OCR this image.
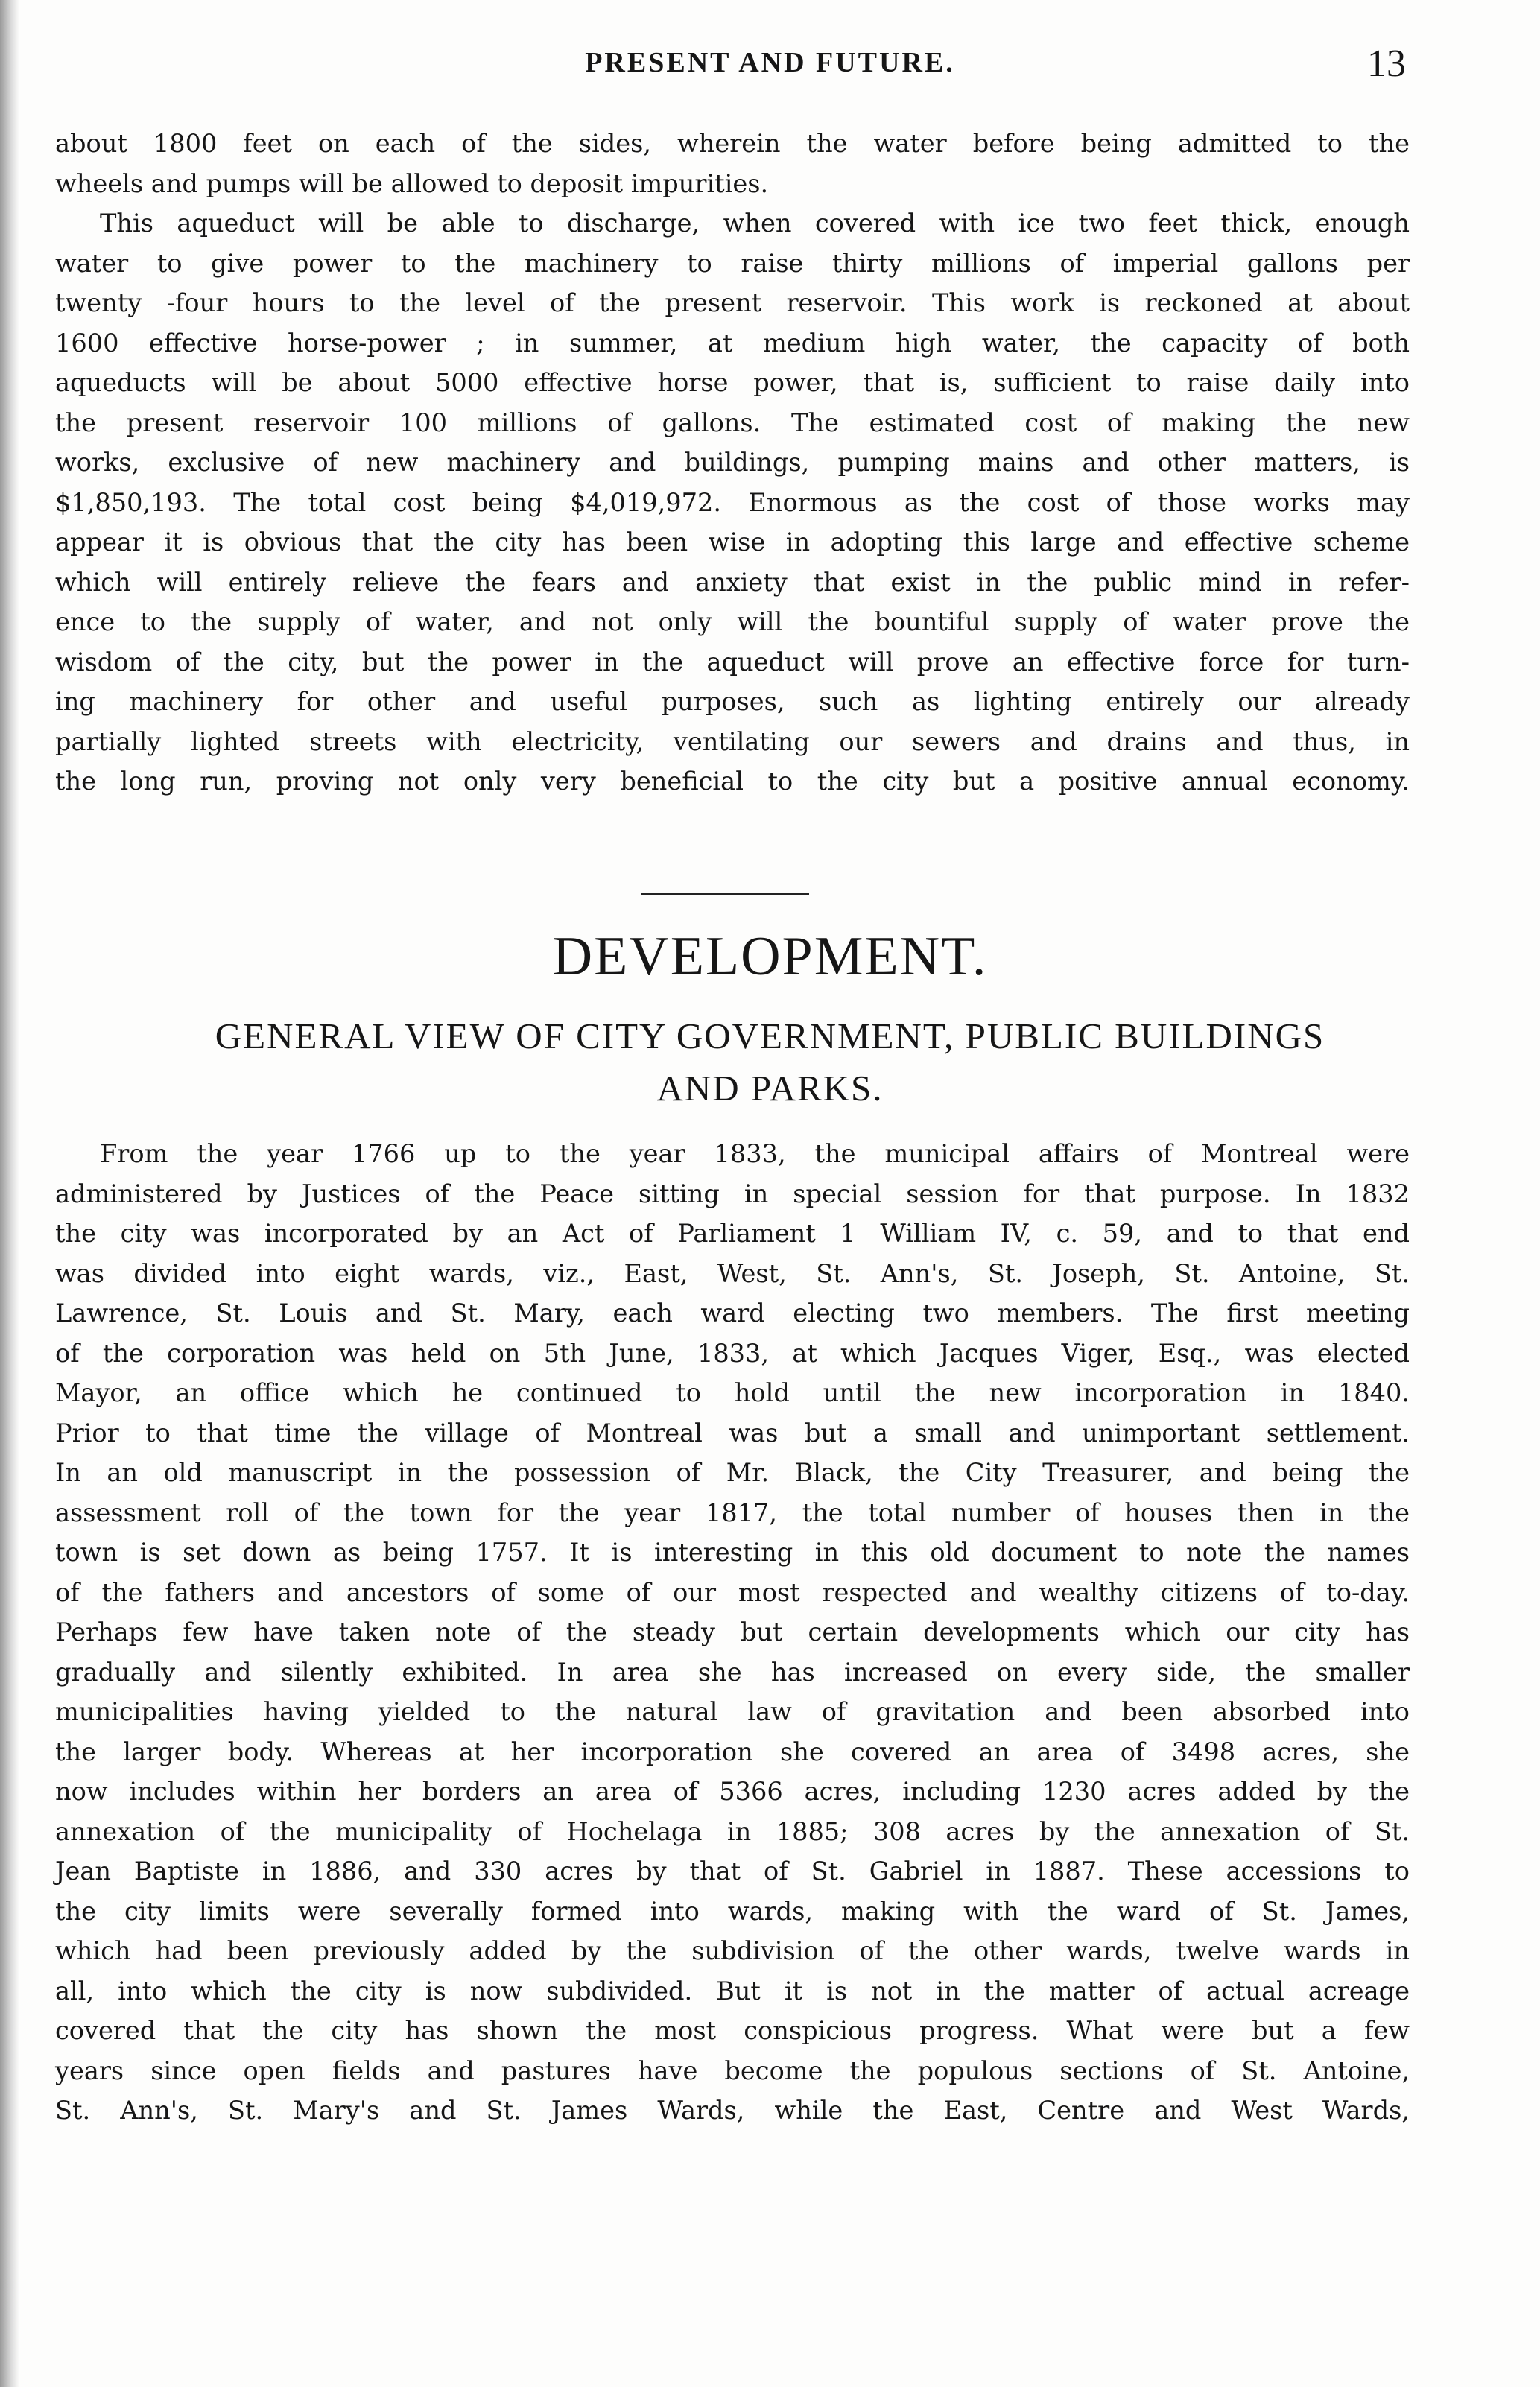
PRESENT AND FUTURE.	13
about 1800 feet on each of the sides, wherein the water before being admitted to the
wheels and pumps will be allowed to deposit impurities.
This aqueduct will be able to discharge, when covered with ice two feet thick, enough
water to give power to the machinery to raise thirty millions of imperial gallons per
twenty -four hours to the level of the present reservoir. This work is reckoned at about
1600 effective horse-power ; in summer, at medium high water, the capacity of both
aqueducts will be about 5000 effective horse power, that is, sufficient to raise daily into
the present reservoir 100 millions of gallons. The estimated cost of making the new
works, exclusive of new machinery and buildings, pumping mains and other matters, is
$1,850,193. The total cost being $4,019,972. Enormous as the cost of those works may
appear it is obvious that the city has been wise in adopting this large and effective scheme
which will entirely relieve the fears and anxiety that exist in the public mind in refer-
ence to the supply of water, and not only will the bountiful supply of water prove the
wisdom of the city, but the power in the aqueduct will prove an effective force for turn-
ing machinery for other and useful purposes, such as lighting entirely our already
partially lighted streets with electricity, ventilating our sewers and drains and thus, in
the long run, proving not only very beneficial to the city but a positive annual economy.
DEVELOPMENT.
GENERAL VIEW OF CITY GOVERNMENT, PUBLIC BUILDINGS
AND PARKS.
From the year 1766 up to the year 1833, the municipal affairs of Montreal were
administered by Justices of the Peace sitting in special session for that purpose. In 1832
the city was incorporated by an Act of Parliament 1 William IV, c. 59, and to that end
was divided into eight wards, viz., East, West, St. Ann's, St. Joseph, St. Antoine, St.
Lawrence, St. Louis and St. Mary, each ward electing two members. The first meeting
of the corporation was held on 5th June, 1833, at which Jacques Viger, Esq., was elected
Mayor, an office which he continued to hold until the new incorporation in 1840.
Prior to that time the village of Montreal was but a small and unimportant settlement.
In an old manuscript in the possession of Mr. Black, the City Treasurer, and being the
assessment roll of the town for the year 1817, the total number of houses then in the
town is set down as being 1757. It is interesting in this old document to note the names
of the fathers and ancestors of some of our most respected and wealthy citizens of to-day.
Perhaps few have taken note of the steady but certain developments which our city has
gradually and silently exhibited. In area she has increased on every side, the smaller
municipalities having yielded to the natural law of gravitation and been absorbed into
the larger body. Whereas at her incorporation she covered an area of 3498 acres, she
now includes within her borders an area of 5366 acres, including 1230 acres added by the
annexation of the municipality of Hochelaga in 1885; 308 acres by the annexation of St.
Jean Baptiste in 1886, and 330 acres by that of St. Gabriel in 1887. These accessions to
the city limits were severally formed into wards, making with the ward of St. James,
which had been previously added by the subdivision of the other wards, twelve wards in
all, into which the city is now subdivided. But it is not in the matter of actual acreage
covered that the city has shown the most conspicious progress. What were but a few
years since open fields and pastures have become the populous sections of St. Antoine,
St. Ann's, St. Mary's and St. James Wards, while the East, Centre and West Wards,
